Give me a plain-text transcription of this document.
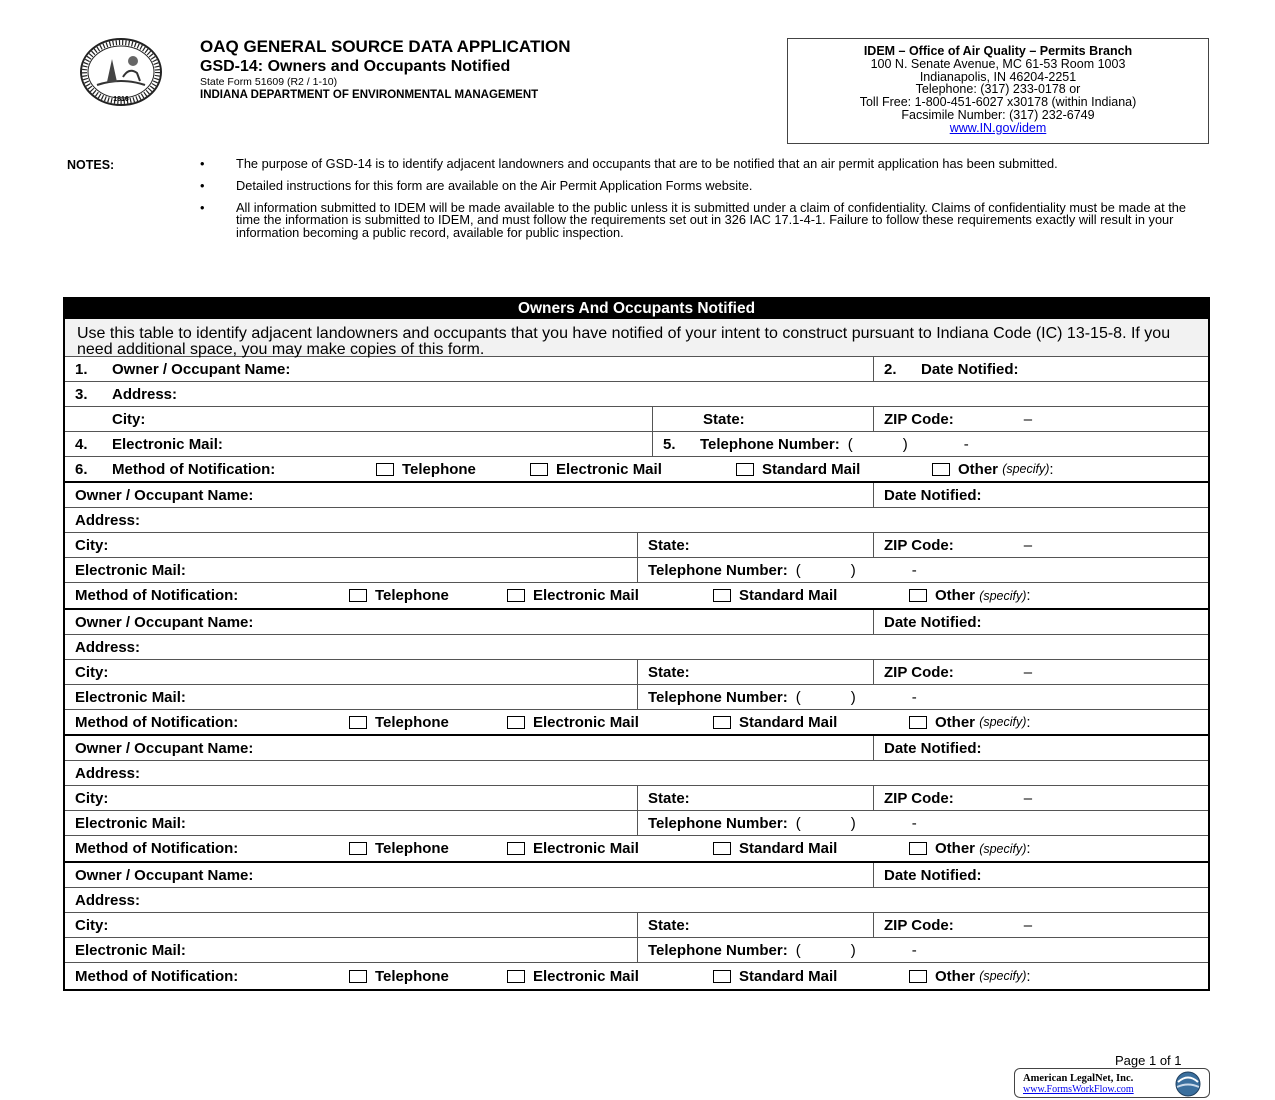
1816
OAQ GENERAL SOURCE DATA APPLICATION
GSD-14: Owners and Occupants Notified
State Form 51609 (R2 / 1-10)
INDIANA DEPARTMENT OF ENVIRONMENTAL MANAGEMENT
IDEM – Office of Air Quality – Permits Branch
100 N. Senate Avenue, MC 61-53 Room 1003
Indianapolis, IN 46204-2251
Telephone: (317) 233-0178 or
Toll Free: 1-800-451-6027 x30178 (within Indiana)
Facsimile Number: (317) 232-6749
www.IN.gov/idem
NOTES:	• The purpose of GSD-14 is to identify adjacent landowners and occupants that are to be notified that an air permit application has been submitted.
• Detailed instructions for this form are available on the Air Permit Application Forms website.
• All information submitted to IDEM will be made available to the public unless it is submitted under a claim of confidentiality. Claims of confidentiality must be made at the time the information is submitted to IDEM, and must follow the requirements set out in 326 IAC 17.1-4-1. Failure to follow these requirements exactly will result in your information becoming a public record, available for public inspection.
Owners And Occupants Notified
Use this table to identify adjacent landowners and occupants that you have notified of your intent to construct pursuant to Indiana Code (IC) 13-15-8. If you need additional space, you may make copies of this form.
1.	Owner / Occupant Name:	2.	Date Notified:
3.	Address:
City:	State:	ZIP Code:	–
4.	Electronic Mail:	5.	Telephone Number: (	)	-
6.	Method of Notification:	Telephone	Electronic Mail	Standard Mail	Other
(specify) :
Owner / Occupant Name:	Date Notified:
Address:
City:	State:	ZIP Code:	–
Electronic Mail:	Telephone Number: (	)	-
Method of Notification:	Telephone	Electronic Mail	Standard Mail	Other
(specify) :
Owner / Occupant Name:	Date Notified:
Address:
City:	State:	ZIP Code:	–
Electronic Mail:	Telephone Number: (	)	-
Method of Notification:	Telephone	Electronic Mail	Standard Mail	Other
(specify) :
Owner / Occupant Name:	Date Notified:
Address:
City:	State:	ZIP Code:	–
Electronic Mail:	Telephone Number: (	)	-
Method of Notification:	Telephone	Electronic Mail	Standard Mail	Other
(specify) :
Owner / Occupant Name:	Date Notified:
Address:
City:	State:	ZIP Code:	–
Electronic Mail:	Telephone Number: (	)	-
Method of Notification:	Telephone	Electronic Mail	Standard Mail	Other
(specify) :
Page 1 of 1
American LegalNet, Inc.
www.FormsWorkFlow.com
